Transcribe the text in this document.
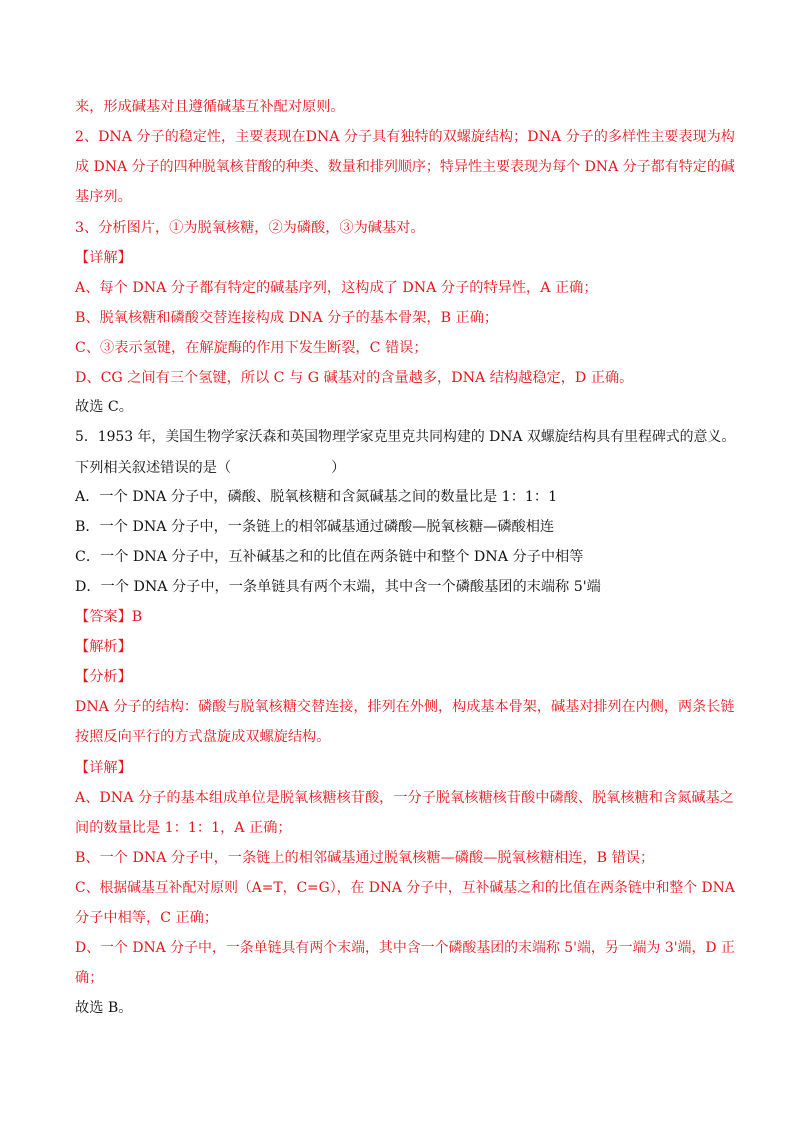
来，形成碱基对且遵循碱基互补配对原则。
2、DNA 分子的稳定性，主要表现在DNA 分子具有独特的双螺旋结构；DNA 分子的多样性主要表现为构
成 DNA 分子的四种脱氧核苷酸的种类、数量和排列顺序；特异性主要表现为每个 DNA 分子都有特定的碱
基序列。
3、分析图片，①为脱氧核糖，②为磷酸，③为碱基对。
【详解】
A、每个 DNA 分子都有特定的碱基序列，这构成了 DNA 分子的特异性，A 正确；
B、脱氧核糖和磷酸交替连接构成 DNA 分子的基本骨架，B 正确；
C、③表示氢键，在解旋酶的作用下发生断裂，C 错误；
D、CG 之间有三个氢键，所以 C 与 G 碱基对的含量越多，DNA 结构越稳定，D 正确。
故选 C。
5．1953 年，美国生物学家沃森和英国物理学家克里克共同构建的 DNA 双螺旋结构具有里程碑式的意义。
下列相关叙述错误的是（	）
A．一个 DNA 分子中，磷酸、脱氧核糖和含氮碱基之间的数量比是 1：1：1
B．一个 DNA 分子中，一条链上的相邻碱基通过磷酸—脱氧核糖—磷酸相连
C．一个 DNA 分子中，互补碱基之和的比值在两条链中和整个 DNA 分子中相等
D．一个 DNA 分子中，一条单链具有两个末端，其中含一个磷酸基团的末端称 5'端
【答案】B
【解析】
【分析】
DNA 分子的结构：磷酸与脱氧核糖交替连接，排列在外侧，构成基本骨架，碱基对排列在内侧，两条长链
按照反向平行的方式盘旋成双螺旋结构。
【详解】
A、DNA 分子的基本组成单位是脱氧核糖核苷酸，一分子脱氧核糖核苷酸中磷酸、脱氧核糖和含氮碱基之
间的数量比是 1：1：1，A 正确；
B、一个 DNA 分子中，一条链上的相邻碱基通过脱氧核糖—磷酸—脱氧核糖相连，B 错误；
C、根据碱基互补配对原则（A=T，C=G），在 DNA 分子中，互补碱基之和的比值在两条链中和整个 DNA
分子中相等，C 正确；
D、一个 DNA 分子中，一条单链具有两个末端，其中含一个磷酸基团的末端称 5'端，另一端为 3'端，D 正
确；
故选 B。
